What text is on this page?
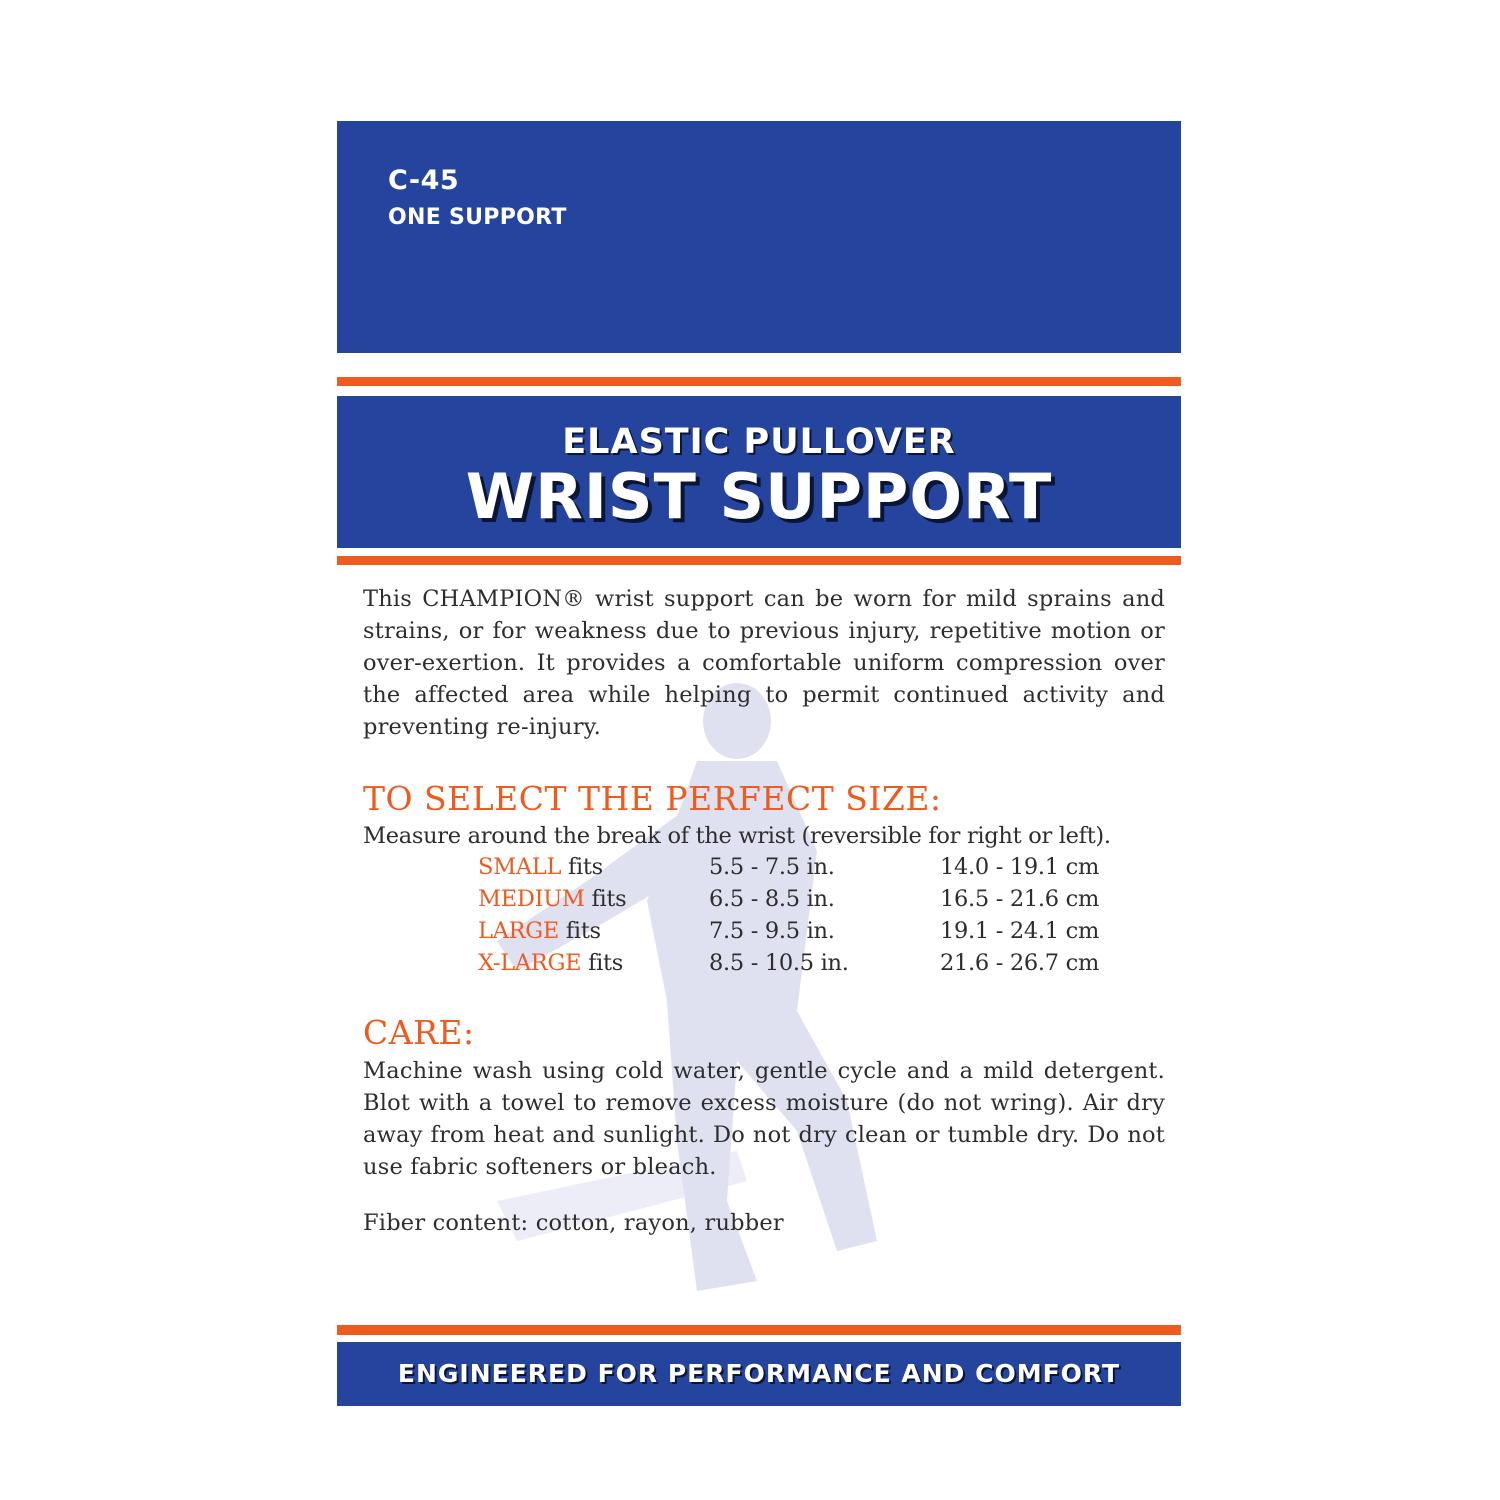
C-45
ONE SUPPORT
ELASTIC PULLOVER
WRIST SUPPORT

This CHAMPION® wrist support can be worn for mild sprains and strains, or for weakness due to previous injury, repetitive motion or over-exertion. It provides a comfortable uniform compression over the affected area while helping to permit continued activity and preventing re-injury.

TO SELECT THE PERFECT SIZE:

Measure around the break of the wrist (reversible for right or left).

SMALL fits	5.5 - 7.5 in.	14.0 - 19.1 cm
MEDIUM fits	6.5 - 8.5 in.	16.5 - 21.6 cm
LARGE fits	7.5 - 9.5 in.	19.1 - 24.1 cm
X-LARGE fits	8.5 - 10.5 in.	21.6 - 26.7 cm
CARE:

Machine wash using cold water, gentle cycle and a mild detergent. Blot with a towel to remove excess moisture (do not wring). Air dry away from heat and sunlight. Do not dry clean or tumble dry. Do not use fabric softeners or bleach.

Fiber content: cotton, rayon, rubber

ENGINEERED FOR PERFORMANCE AND COMFORT
